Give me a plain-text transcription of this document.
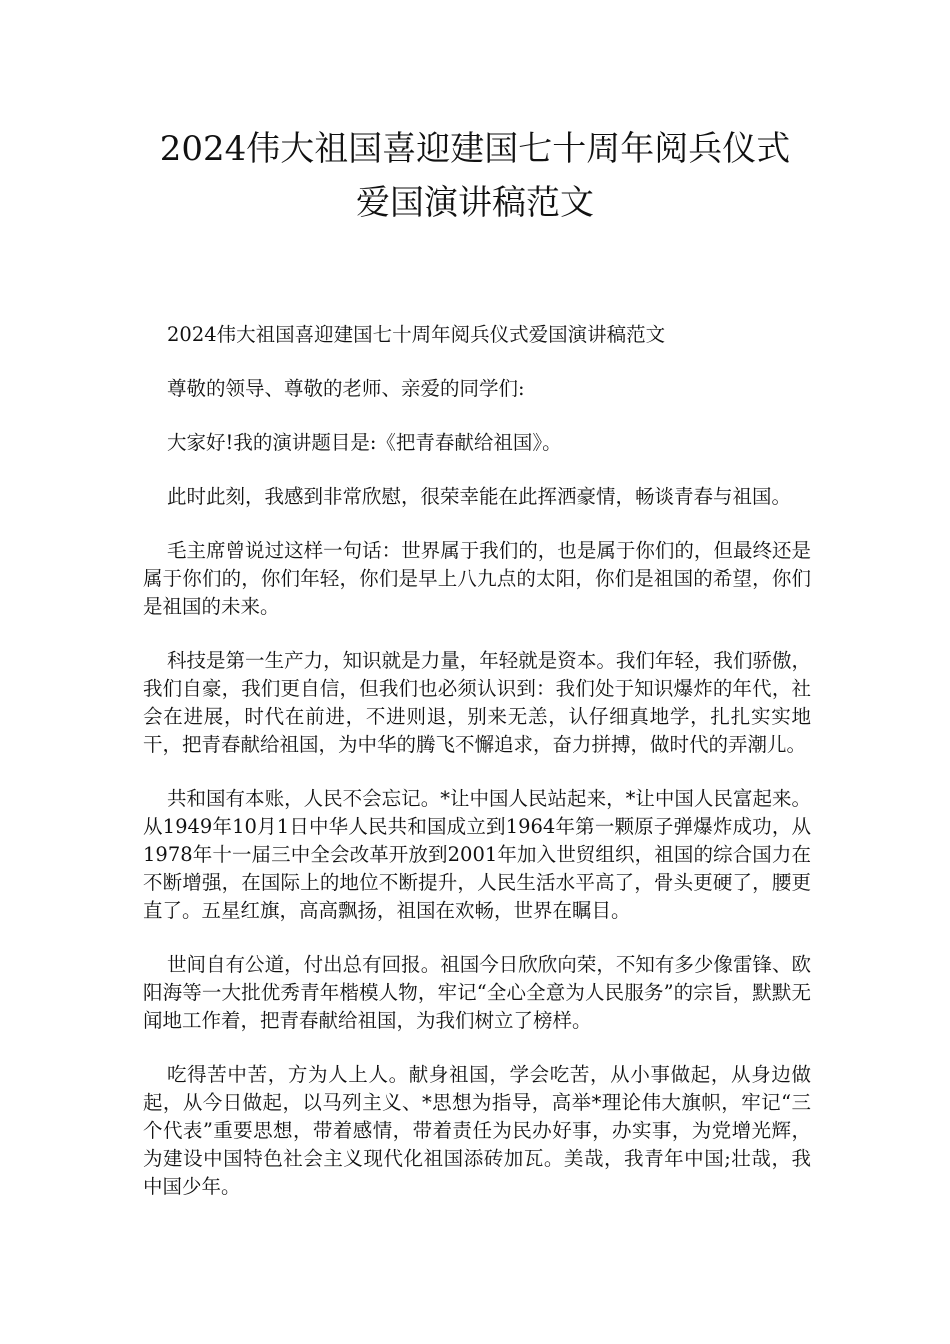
2024伟大祖国喜迎建国七十周年阅兵仪式
爱国演讲稿范文

2024伟大祖国喜迎建国七十周年阅兵仪式爱国演讲稿范文

尊敬的领导、尊敬的老师、亲爱的同学们:

大家好!我的演讲题目是:《把青春献给祖国》。

此时此刻，我感到非常欣慰，很荣幸能在此挥洒豪情，畅谈青春与祖国。

毛主席曾说过这样一句话：世界属于我们的，也是属于你们的，但最终还是属于你们的，你们年轻，你们是早上八九点的太阳，你们是祖国的希望，你们是祖国的未来。

科技是第一生产力，知识就是力量，年轻就是资本。我们年轻，我们骄傲，我们自豪，我们更自信，但我们也必须认识到：我们处于知识爆炸的年代，社会在进展，时代在前进，不进则退，别来无恙，认仔细真地学，扎扎实实地干，把青春献给祖国，为中华的腾飞不懈追求，奋力拼搏，做时代的弄潮儿。

共和国有本账，人民不会忘记。*让中国人民站起来，*让中国人民富起来。从1949年10月1日中华人民共和国成立到1964年第一颗原子弹爆炸成功，从1978年十一届三中全会改革开放到2001年加入世贸组织，祖国的综合国力在不断增强，在国际上的地位不断提升，人民生活水平高了，骨头更硬了，腰更直了。五星红旗，高高飘扬，祖国在欢畅，世界在瞩目。

世间自有公道，付出总有回报。祖国今日欣欣向荣，不知有多少像雷锋、欧阳海等一大批优秀青年楷模人物，牢记“全心全意为人民服务”的宗旨，默默无闻地工作着，把青春献给祖国，为我们树立了榜样。

吃得苦中苦，方为人上人。献身祖国，学会吃苦，从小事做起，从身边做起，从今日做起，以马列主义、*思想为指导，高举*理论伟大旗帜，牢记“三个代表”重要思想，带着感情，带着责任为民办好事，办实事，为党增光辉，为建设中国特色社会主义现代化祖国添砖加瓦。美哉，我青年中国;壮哉，我中国少年。
